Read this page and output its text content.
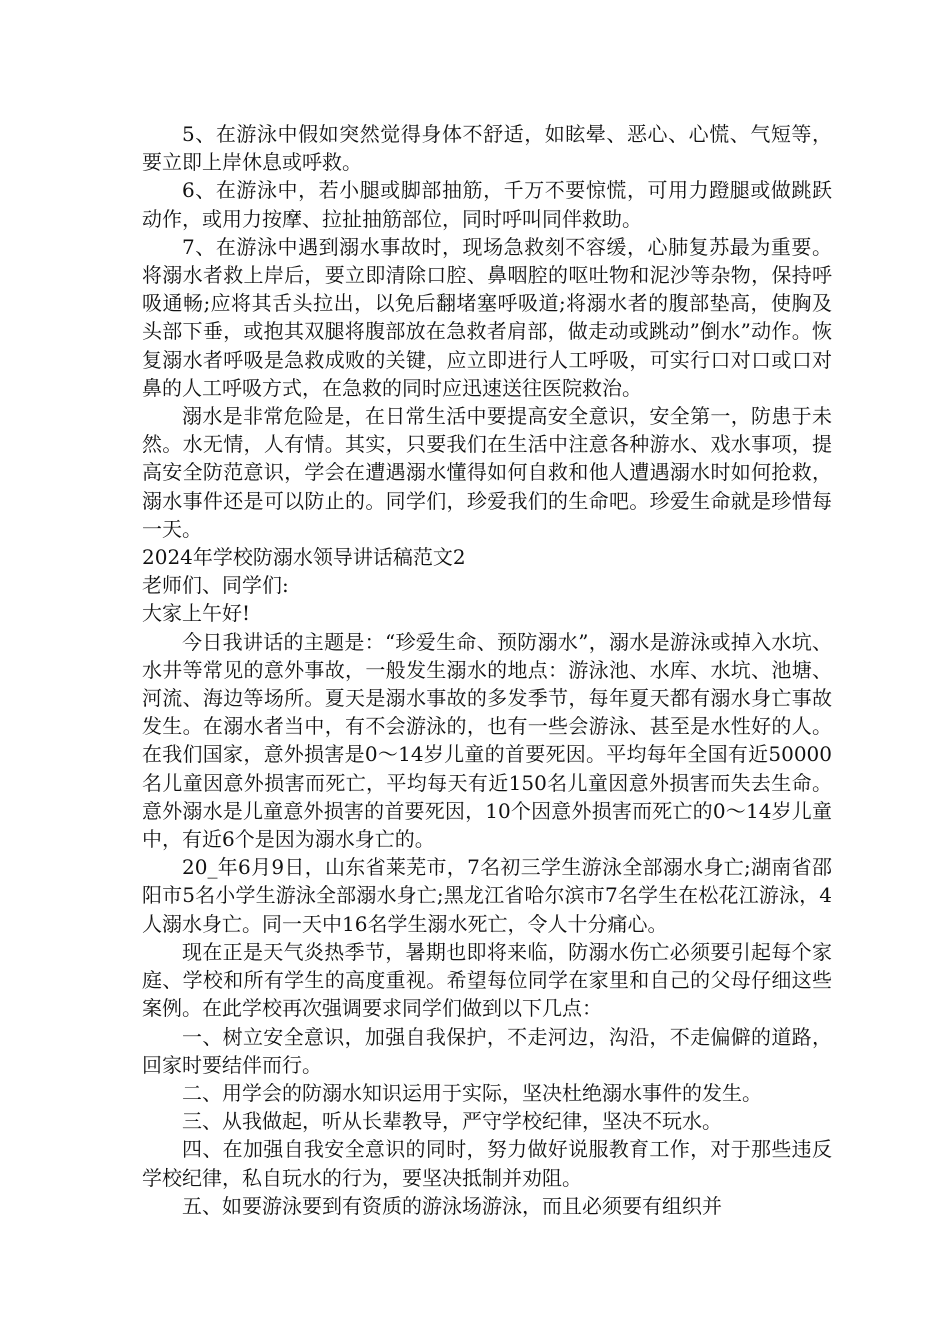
5、在游泳中假如突然觉得身体不舒适，如眩晕、恶心、心慌、气短等，要立即上岸休息或呼救。

6、在游泳中，若小腿或脚部抽筋，千万不要惊慌，可用力蹬腿或做跳跃动作，或用力按摩、拉扯抽筋部位，同时呼叫同伴救助。

7、在游泳中遇到溺水事故时，现场急救刻不容缓，心肺复苏最为重要。将溺水者救上岸后，要立即清除口腔、鼻咽腔的呕吐物和泥沙等杂物，保持呼吸通畅;应将其舌头拉出，以免后翻堵塞呼吸道;将溺水者的腹部垫高，使胸及头部下垂，或抱其双腿将腹部放在急救者肩部，做走动或跳动”倒水”动作。恢复溺水者呼吸是急救成败的关键，应立即进行人工呼吸，可实行口对口或口对鼻的人工呼吸方式，在急救的同时应迅速送往医院救治。

溺水是非常危险是，在日常生活中要提高安全意识，安全第一，防患于未然。水无情，人有情。其实，只要我们在生活中注意各种游水、戏水事项，提高安全防范意识，学会在遭遇溺水懂得如何自救和他人遭遇溺水时如何抢救，溺水事件还是可以防止的。同学们，珍爱我们的生命吧。珍爱生命就是珍惜每一天。

2024年学校防溺水领导讲话稿范文2

老师们、同学们:

大家上午好!

今日我讲话的主题是：“珍爱生命、预防溺水”，溺水是游泳或掉入水坑、水井等常见的意外事故，一般发生溺水的地点：游泳池、水库、水坑、池塘、河流、海边等场所。夏天是溺水事故的多发季节，每年夏天都有溺水身亡事故发生。在溺水者当中，有不会游泳的，也有一些会游泳、甚至是水性好的人。 在我们国家，意外损害是0～14岁儿童的首要死因。平均每年全国有近50000名儿童因意外损害而死亡，平均每天有近150名儿童因意外损害而失去生命。意外溺水是儿童意外损害的首要死因，10个因意外损害而死亡的0～14岁儿童中，有近6个是因为溺水身亡的。

20_年6月9日，山东省莱芜市，7名初三学生游泳全部溺水身亡;湖南省邵阳市5名小学生游泳全部溺水身亡;黑龙江省哈尔滨市7名学生在松花江游泳，4人溺水身亡。同一天中16名学生溺水死亡，令人十分痛心。

现在正是天气炎热季节，暑期也即将来临，防溺水伤亡必须要引起每个家庭、学校和所有学生的高度重视。希望每位同学在家里和自己的父母仔细这些案例。在此学校再次强调要求同学们做到以下几点：

一、树立安全意识，加强自我保护，不走河边，沟沿，不走偏僻的道路，回家时要结伴而行。

二、用学会的防溺水知识运用于实际，坚决杜绝溺水事件的发生。

三、从我做起，听从长辈教导，严守学校纪律，坚决不玩水。

四、在加强自我安全意识的同时，努力做好说服教育工作，对于那些违反学校纪律，私自玩水的行为，要坚决抵制并劝阻。

五、如要游泳要到有资质的游泳场游泳，而且必须要有组织并
